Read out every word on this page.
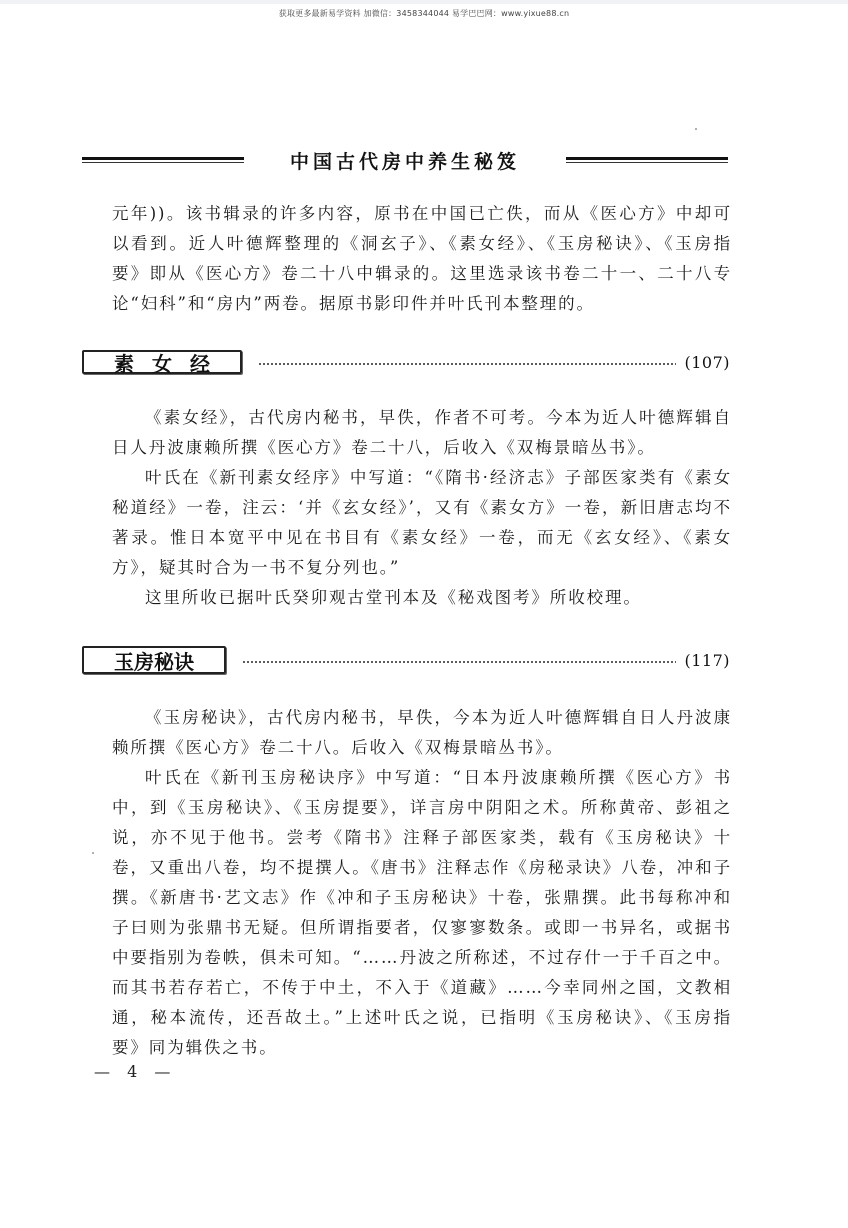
获取更多最新易学资料 加微信：3458344044 易学巴巴网：www.yixue88.cn
中国古代房中养生秘笈
元年))。该书辑录的许多内容，原书在中国已亡佚，而从《医心方》中却可以看到。近人叶德辉整理的《洞玄子》、《素女经》、《玉房秘诀》、《玉房指要》即从《医心方》卷二十八中辑录的。这里选录该书卷二十一、二十八专论“妇科”和“房内”两卷。据原书影印件并叶氏刊本整理的。
素女经	(107)
《素女经》，古代房内秘书，早佚，作者不可考。今本为近人叶德辉辑自日人丹波康赖所撰《医心方》卷二十八，后收入《双梅景暗丛书》。
叶氏在《新刊素女经序》中写道：“《隋书·经济志》子部医家类有《素女秘道经》一卷，注云：‘并《玄女经》’，又有《素女方》一卷，新旧唐志均不著录。惟日本宽平中见在书目有《素女经》一卷，而无《玄女经》、《素女方》，疑其时合为一书不复分列也。”
这里所收已据叶氏癸卯观古堂刊本及《秘戏图考》所收校理。
玉房秘诀	(117)
《玉房秘诀》，古代房内秘书，早佚，今本为近人叶德辉辑自日人丹波康赖所撰《医心方》卷二十八。后收入《双梅景暗丛书》。
叶氏在《新刊玉房秘诀序》中写道：“日本丹波康赖所撰《医心方》书中，到《玉房秘诀》、《玉房提要》，详言房中阴阳之术。所称黄帝、彭祖之说，亦不见于他书。尝考《隋书》注释子部医家类，载有《玉房秘诀》十卷，又重出八卷，均不提撰人。《唐书》注释志作《房秘录诀》八卷，冲和子撰。《新唐书·艺文志》作《冲和子玉房秘诀》十卷，张鼎撰。此书每称冲和子曰则为张鼎书无疑。但所谓指要者，仅寥寥数条。或即一书异名，或据书中要指别为卷帙，俱未可知。“……丹波之所称述，不过存什一于千百之中。而其书若存若亡，不传于中土，不入于《道藏》……今幸同州之国，文教相通，秘本流传，还吾故土。”上述叶氏之说，已指明《玉房秘诀》、《玉房指要》同为辑佚之书。
— 4 —
